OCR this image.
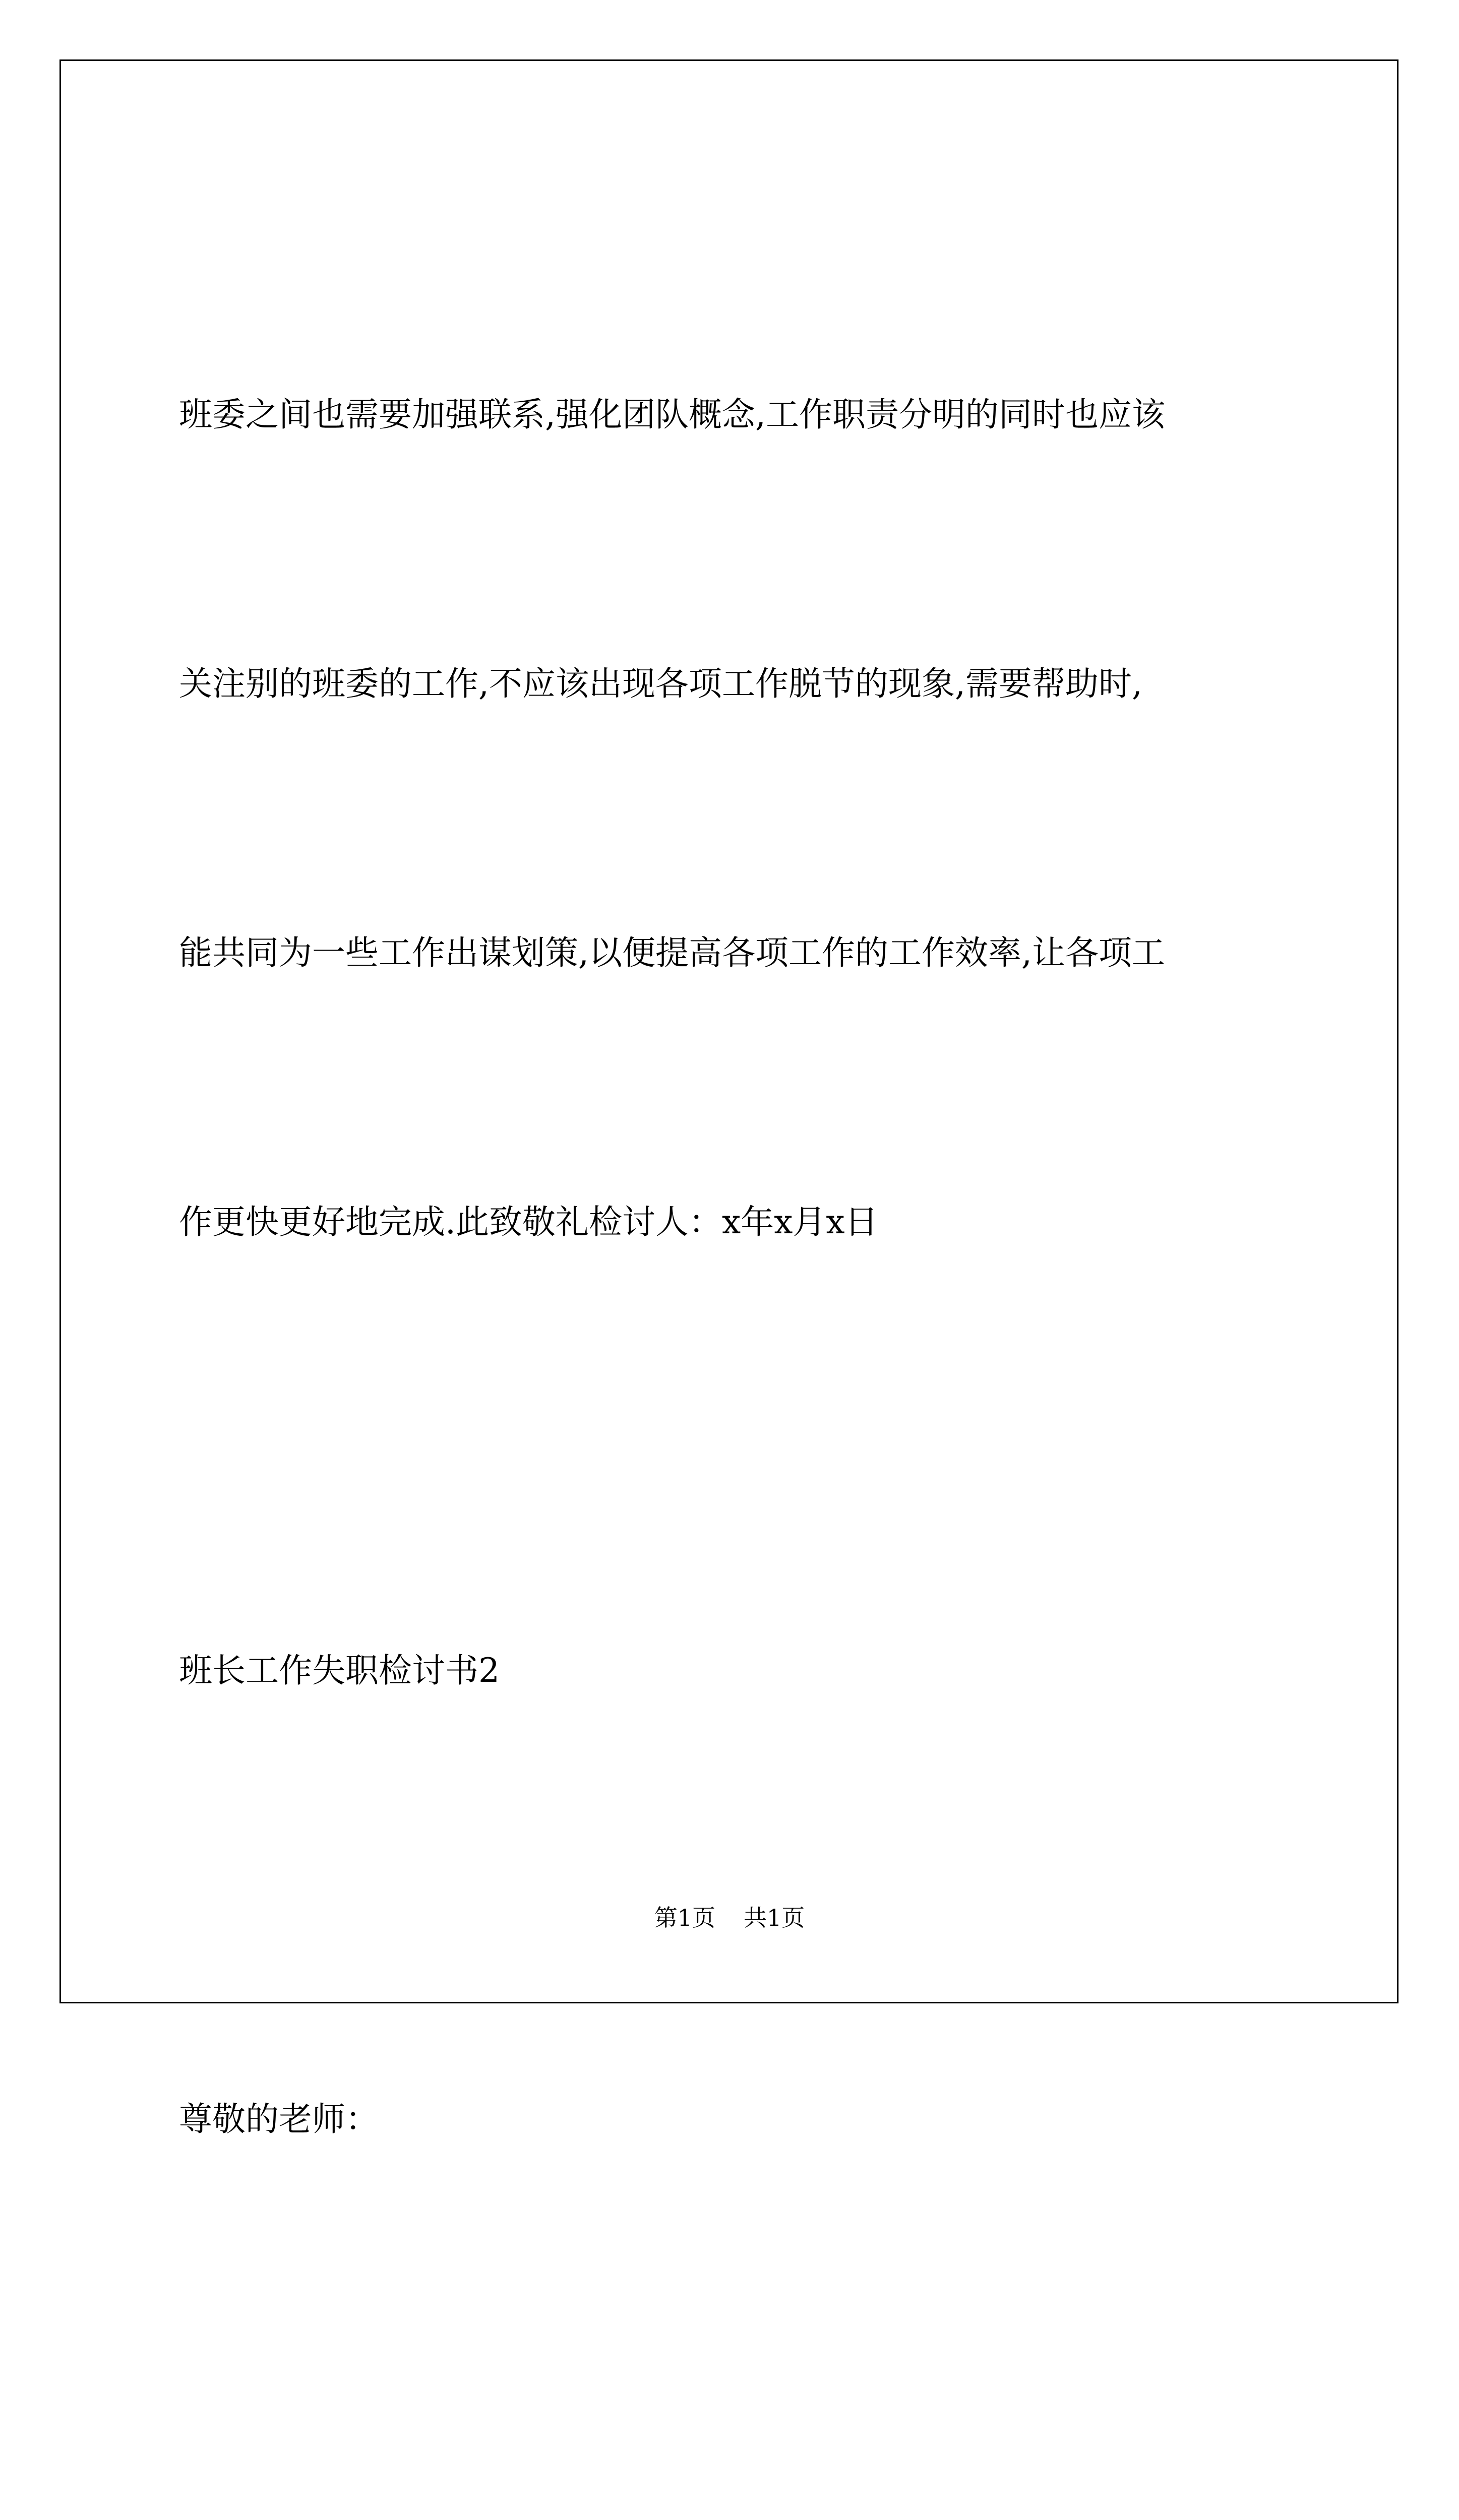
班委之间也需要加强联系,强化团队概念,工作职责分明的同时也应该

关注别的班委的工作,不应该出现各项工作脱节的现象,需要帮助时,

能共同为一些工作出谋划策,以便提高各项工作的工作效率,让各项工

作更快更好地完成.此致敬礼检讨人：x年x月x日

班长工作失职检讨书2

尊敬的老师：

第1页 共1页
